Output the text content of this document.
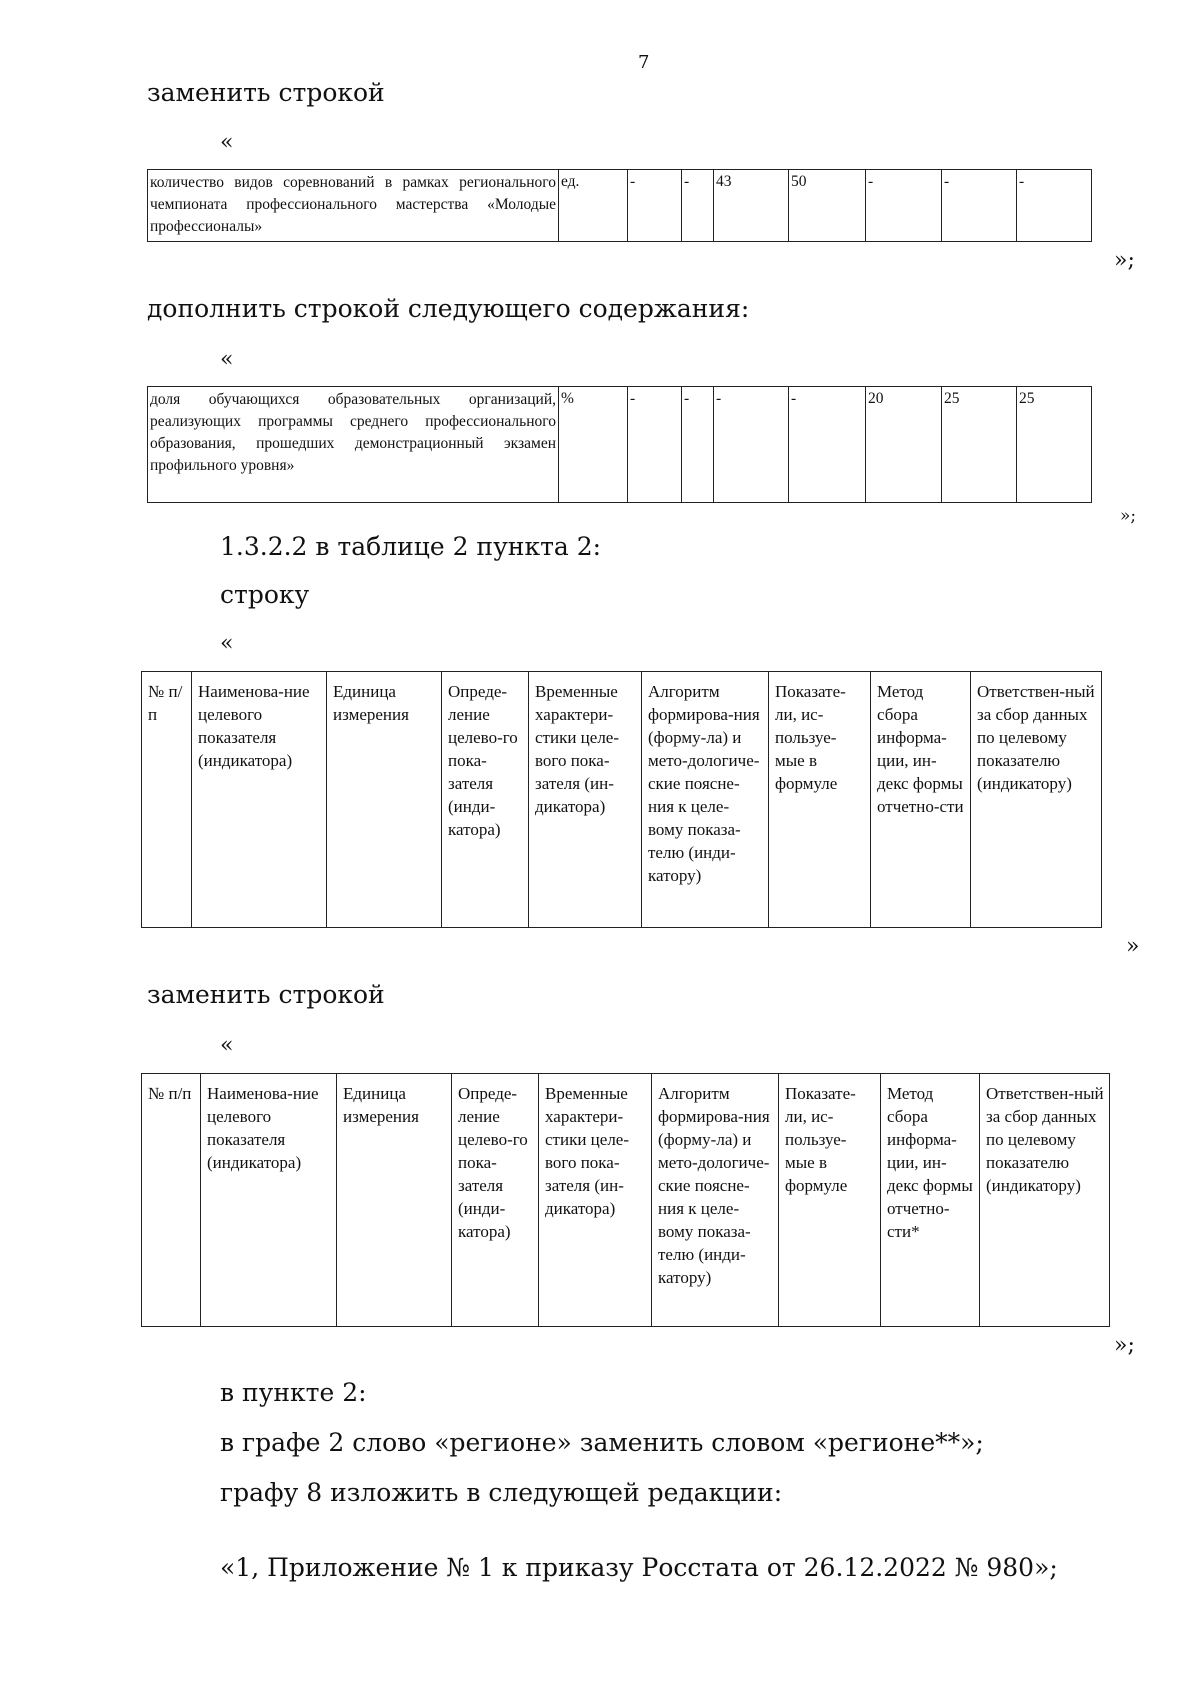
7
заменить строкой
«
количество видов соревнований в рамках регионального чемпионата профессионального мастерства «Молодые профессионалы»	ед.	-	-	43	50	-	-	-
»;
дополнить строкой следующего содержания:
«
доля обучающихся образовательных организаций, реализующих программы среднего профессионального образования, прошедших демонстрационный экзамен профильного уровня»	%	-	-	-	-	20	25	25
»;
1.3.2.2 в таблице 2 пункта 2:
строку
«
№ п/п	Наименова-ние целевого показателя (индикатора)	Единица измерения	Опреде-ление целево-го пока-зателя (инди-катора)	Временные характери-стики целе-вого пока-зателя (ин-дикатора)	Алгоритм формирова-ния (форму-ла) и мето-дологиче-ские поясне-ния к целе-вому показа-телю (инди-катору)	Показате-ли, ис-пользуе-мые в формуле	Метод сбора информа-ции, ин-декс формы отчетно-сти	Ответствен-ный за сбор данных по целевому показателю (индикатору)
»
заменить строкой
«
№ п/п	Наименова-ние целевого показателя (индикатора)	Единица измерения	Опреде-ление целево-го пока-зателя (инди-катора)	Временные характери-стики целе-вого пока-зателя (ин-дикатора)	Алгоритм формирова-ния (форму-ла) и мето-дологиче-ские поясне-ния к целе-вому показа-телю (инди-катору)	Показате-ли, ис-пользуе-мые в формуле	Метод сбора информа-ции, ин-декс формы отчетно-сти*	Ответствен-ный за сбор данных по целевому показателю (индикатору)
»;
в пункте 2:
в графе 2 слово «регионе» заменить словом «регионе**»;
графу 8 изложить в следующей редакции:
«1, Приложение № 1 к приказу Росстата от 26.12.2022 № 980»;
